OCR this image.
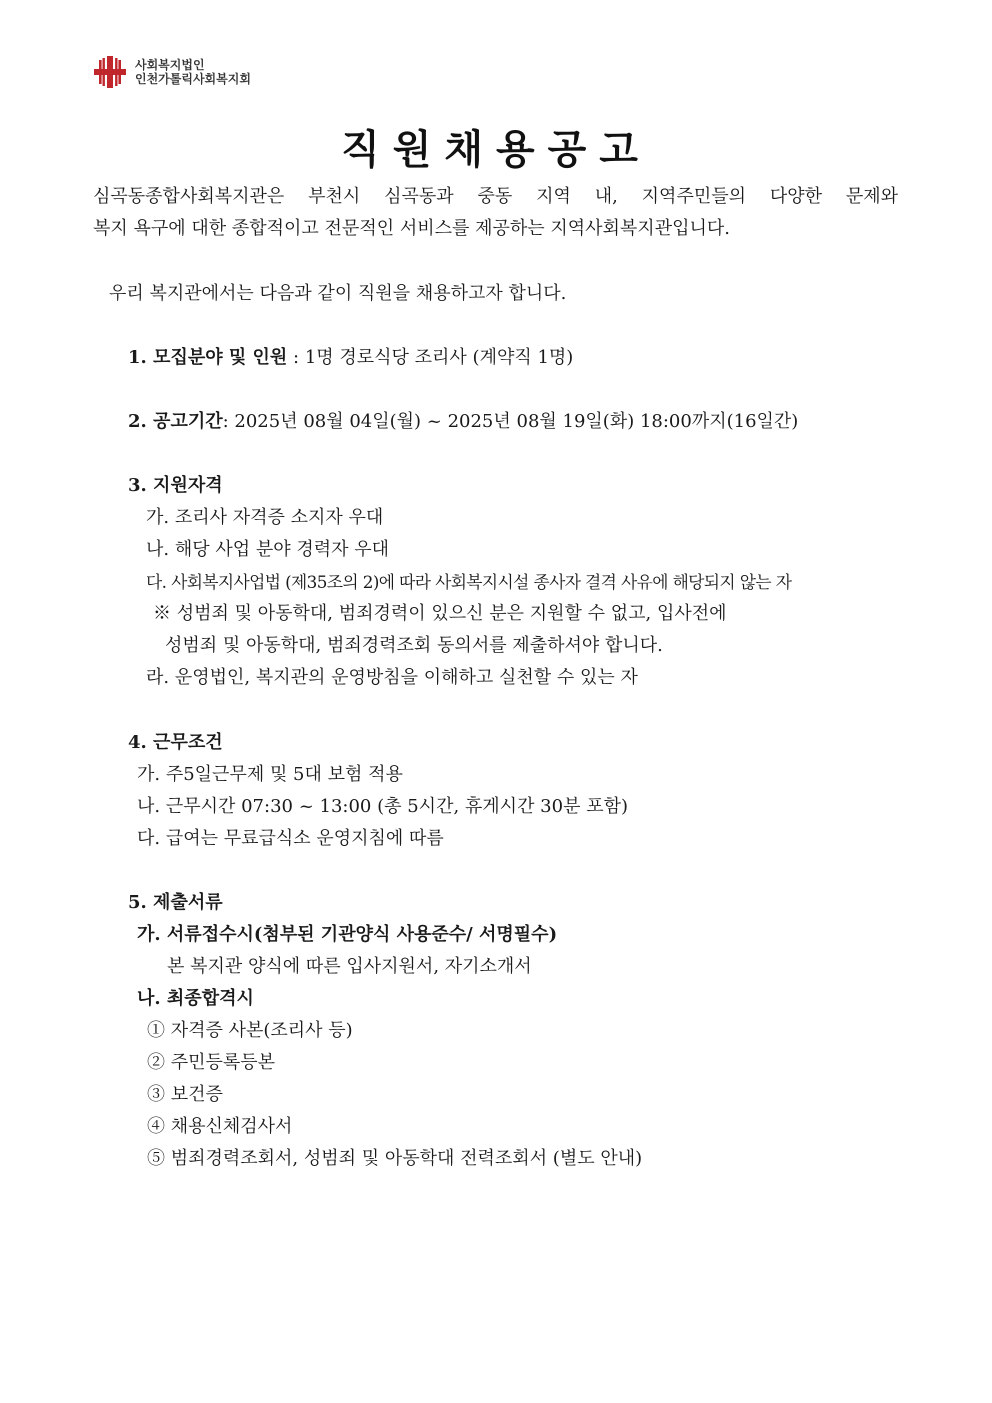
사회복지법인
인천가톨릭사회복지회
직원채용공고
심곡동종합사회복지관은 부천시 심곡동과 중동 지역 내, 지역주민들의 다양한 문제와
복지 욕구에 대한 종합적이고 전문적인 서비스를 제공하는 지역사회복지관입니다.
우리 복지관에서는 다음과 같이 직원을 채용하고자 합니다.
1. 모집분야 및 인원 : 1명 경로식당 조리사 (계약직 1명)
2. 공고기간: 2025년 08월 04일(월) ~ 2025년 08월 19일(화) 18:00까지(16일간)
3. 지원자격
가. 조리사 자격증 소지자 우대
나. 해당 사업 분야 경력자 우대
다. 사회복지사업법 (제35조의 2)에 따라 사회복지시설 종사자 결격 사유에 해당되지 않는 자
※ 성범죄 및 아동학대, 범죄경력이 있으신 분은 지원할 수 없고, 입사전에
성범죄 및 아동학대, 범죄경력조회 동의서를 제출하셔야 합니다.
라. 운영법인, 복지관의 운영방침을 이해하고 실천할 수 있는 자
4. 근무조건
가. 주5일근무제 및 5대 보험 적용
나. 근무시간 07:30 ~ 13:00 (총 5시간, 휴게시간 30분 포함)
다. 급여는 무료급식소 운영지침에 따름
5. 제출서류
가. 서류접수시(첨부된 기관양식 사용준수/ 서명필수)
본 복지관 양식에 따른 입사지원서, 자기소개서
나. 최종합격시
① 자격증 사본(조리사 등)
② 주민등록등본
③ 보건증
④ 채용신체검사서
⑤ 범죄경력조회서, 성범죄 및 아동학대 전력조회서 (별도 안내)
